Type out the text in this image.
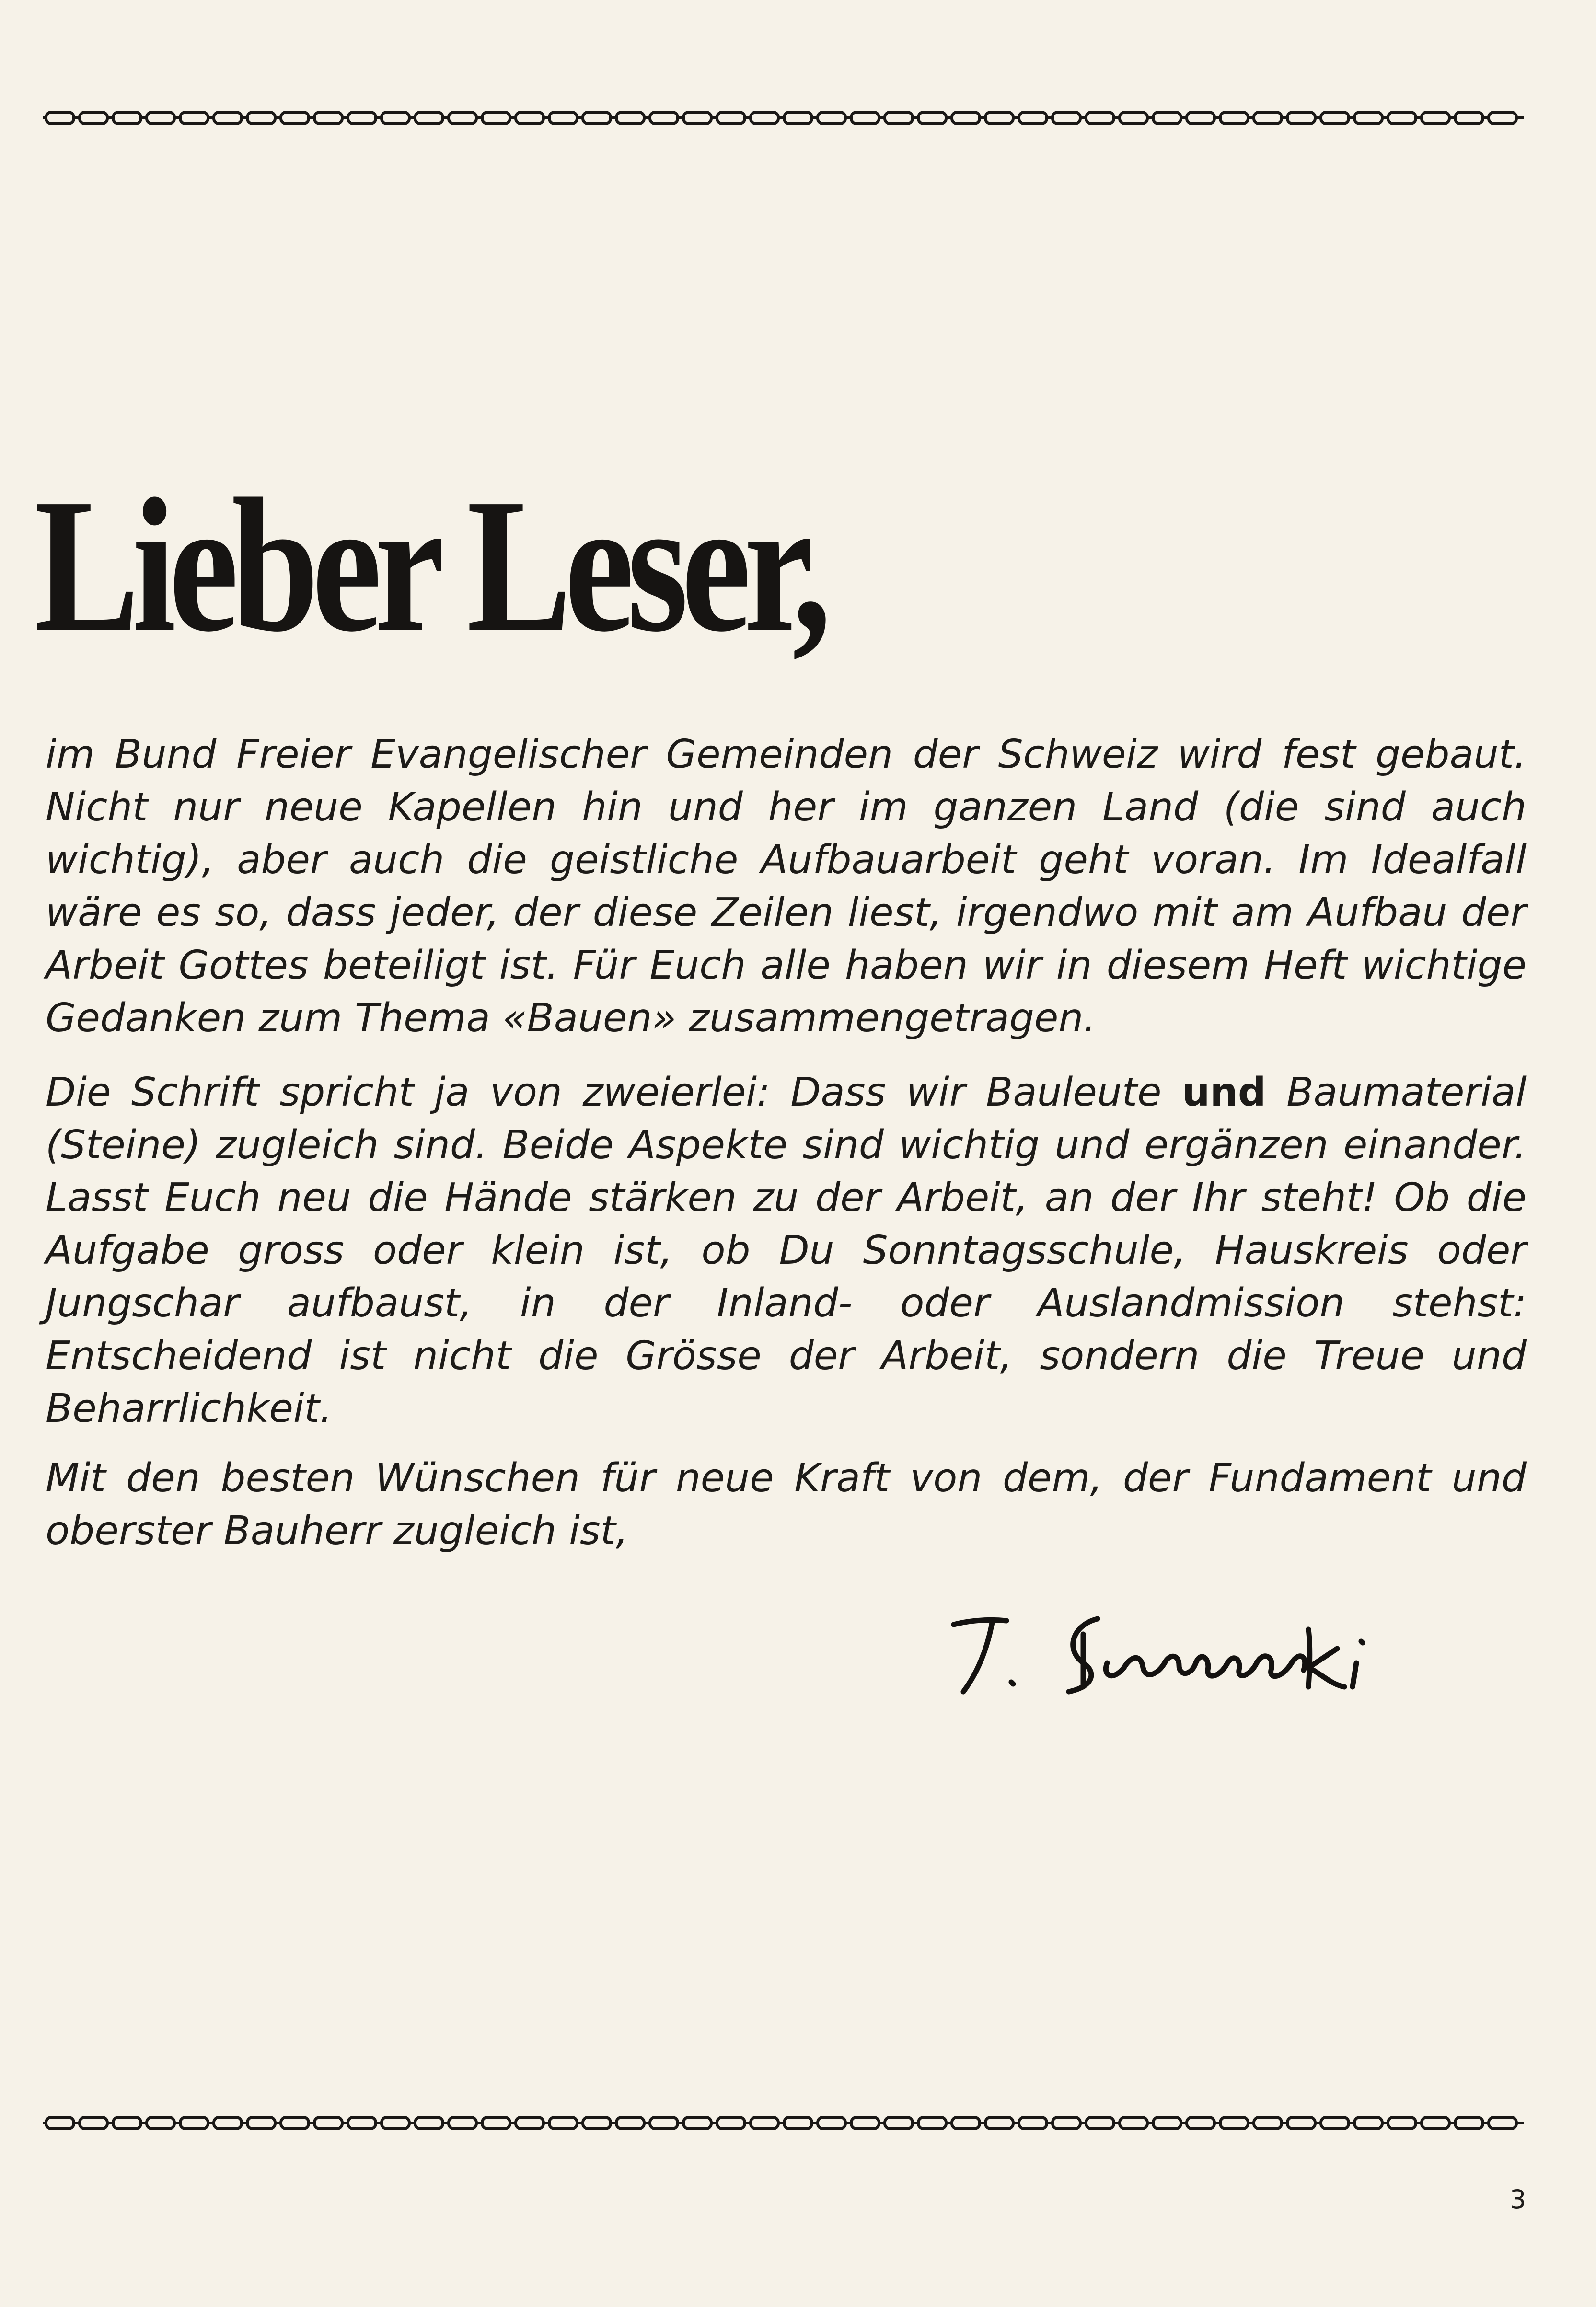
Lieber Leser,

im Bund Freier Evangelischer Gemeinden der Schweiz wird fest gebaut. Nicht nur neue Kapellen hin und her im ganzen Land (die sind auch wichtig), aber auch die geistliche Aufbauarbeit geht voran. Im Idealfall wäre es so, dass jeder, der diese Zeilen liest, irgendwo mit am Aufbau der Arbeit Gottes beteiligt ist. Für Euch alle haben wir in diesem Heft wichtige Gedanken zum Thema «Bauen» zusammengetragen.

Die Schrift spricht ja von zweierlei: Dass wir Bauleute und Baumaterial (Steine) zugleich sind. Beide Aspekte sind wichtig und ergänzen einander. Lasst Euch neu die Hände stärken zu der Arbeit, an der Ihr steht! Ob die Aufgabe gross oder klein ist, ob Du Sonntagsschule, Hauskreis oder Jungschar aufbaust, in der Inland- oder Auslandmission stehst: Entscheidend ist nicht die Grösse der Arbeit, sondern die Treue und Beharrlichkeit.

Mit den besten Wünschen für neue Kraft von dem, der Fundament und oberster Bauherr zugleich ist,

3
